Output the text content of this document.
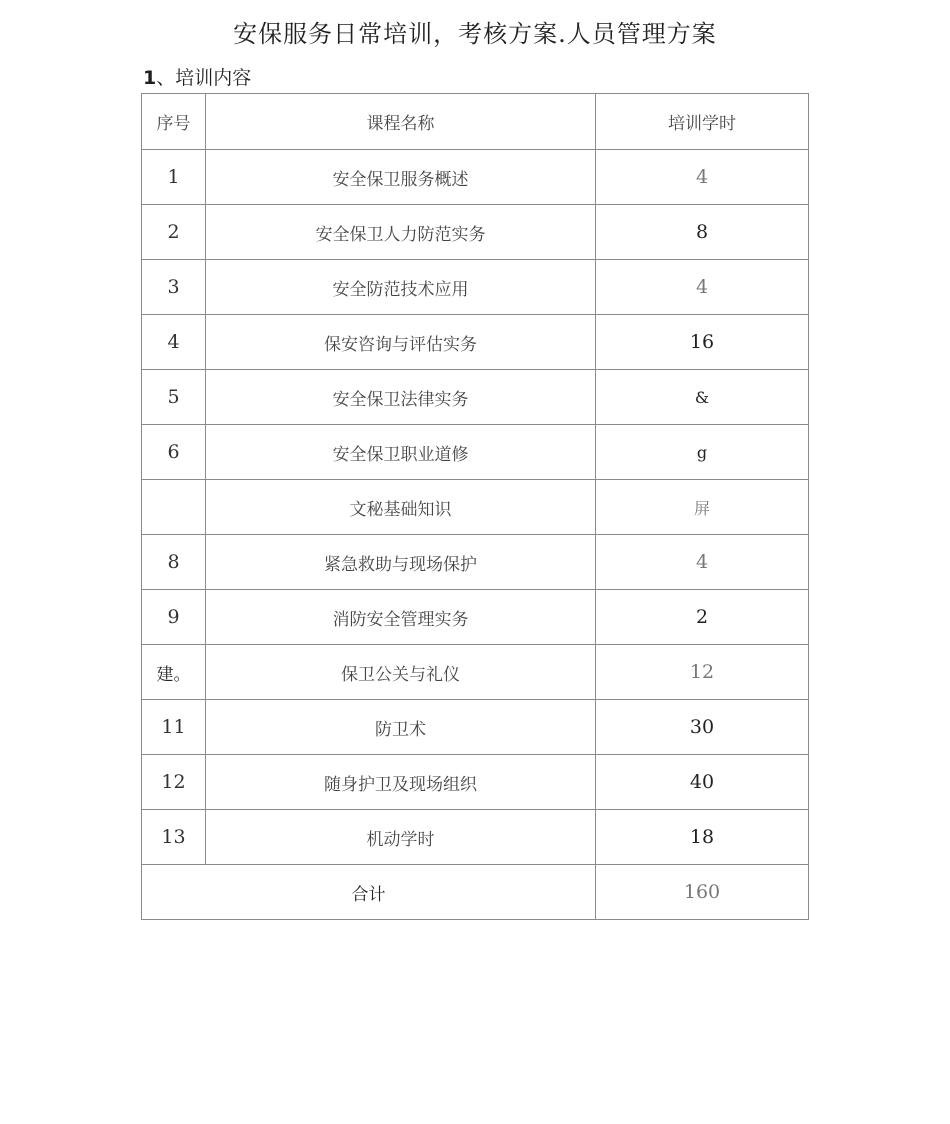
安保服务日常培训，考核方案.人员管理方案
1、培训内容
序号	课程名称	培训学时
1	安全保卫服务概述	4
2	安全保卫人力防范实务	8
3	安全防范技术应用	4
4	保安咨询与评估实务	16
5	安全保卫法律实务	&
6	安全保卫职业道修	g
	文秘基础知识	屏
8	紧急救助与现场保护	4
9	消防安全管理实务	2
建。	保卫公关与礼仪	12
11	防卫术	30
12	随身护卫及现场组织	40
13	机动学时	18
合计		160
